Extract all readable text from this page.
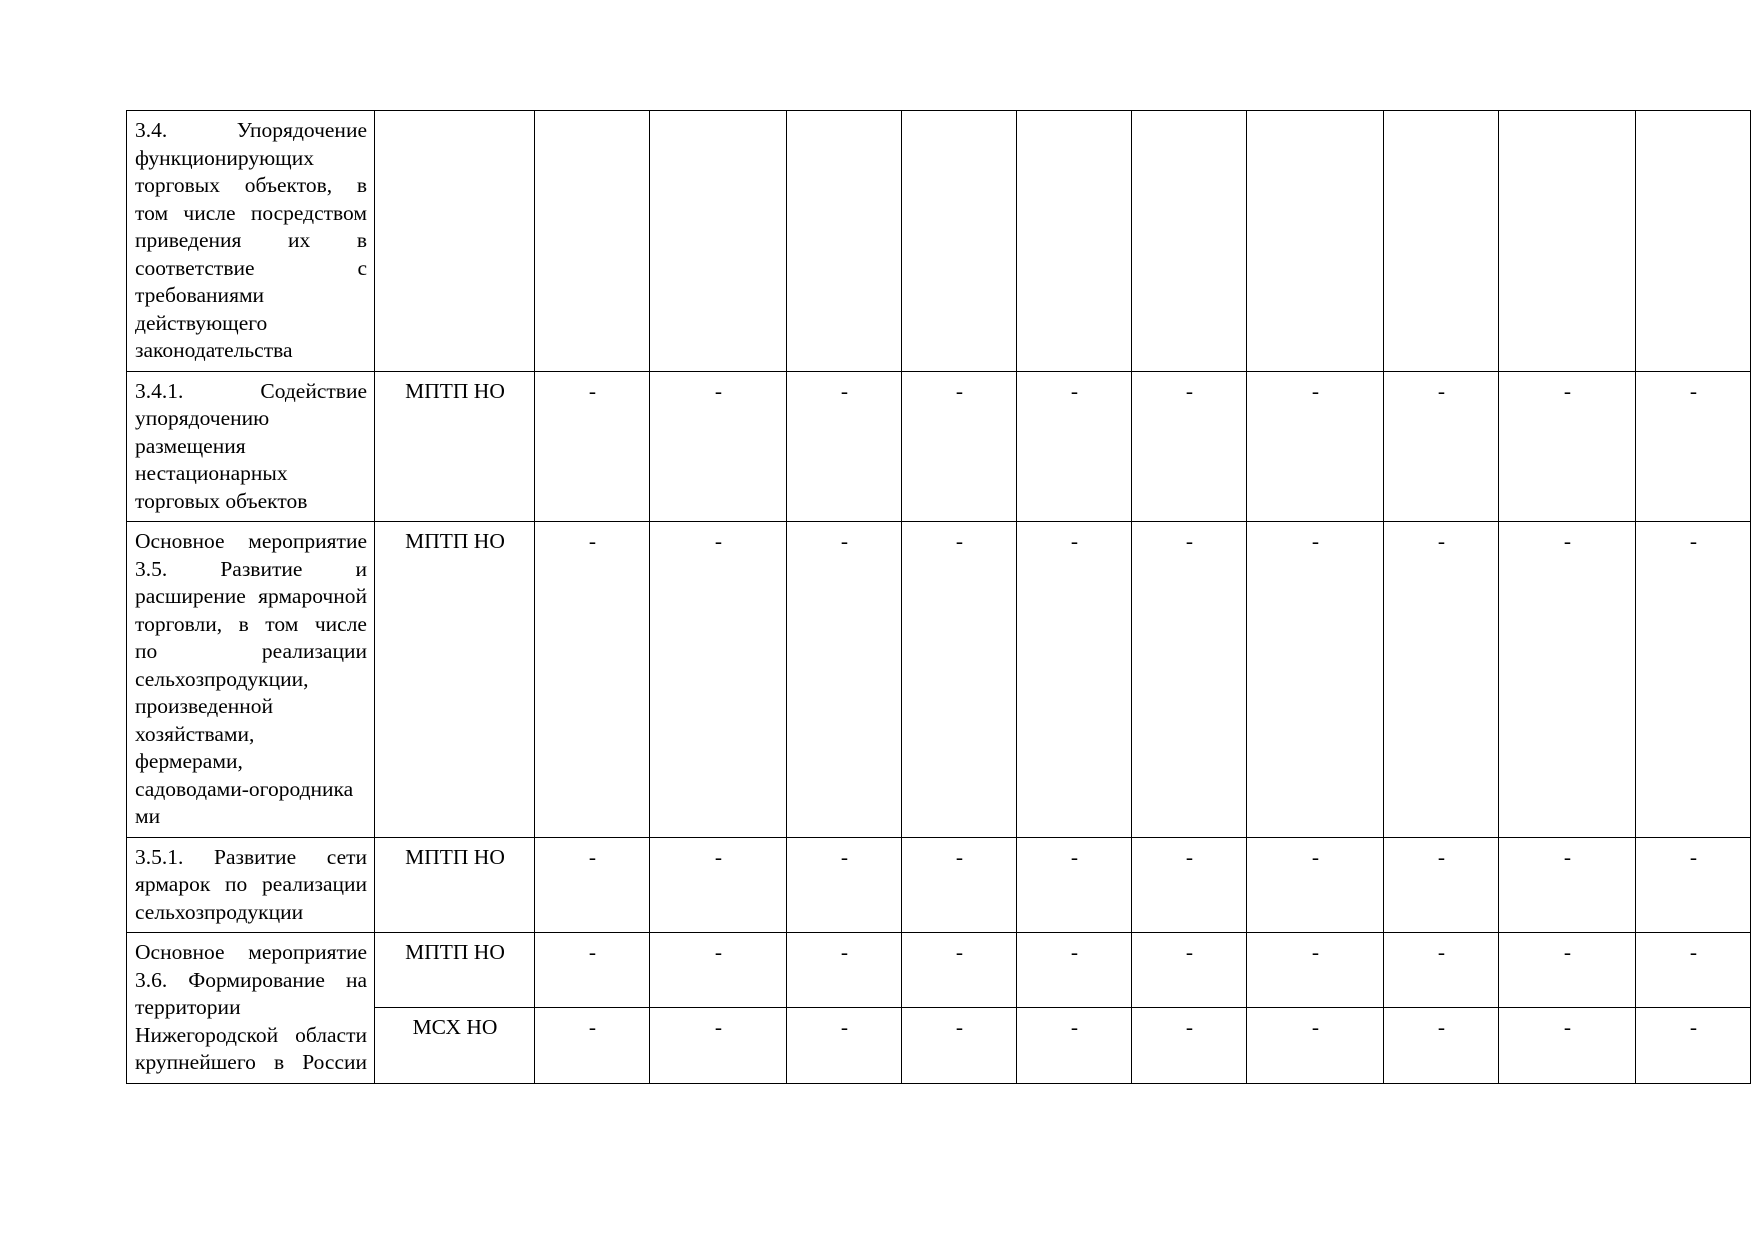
3.4.
	Упорядочение
функционирующих
торговых
объектов,
в
том
числе
посредством
приведения
их
в
соответствие
	с
требованиями
действующего
законодательства

3.4.1.
	Содействие
упорядочению
размещения
нестационарных
торговых объектов
	МПТП НО	-	-	-	-	-	-	-	-	-	-

Основное
мероприятие
3.5.
Развитие
и
расширение
ярмарочной
торговли,
в
том
числе
по
	реализации
сельхозпродукции,
произведенной
хозяйствами,
фермерами,
садоводами-огородника
ми
	МПТП НО	-	-	-	-	-	-	-	-	-	-

3.5.1.
Развитие
сети
ярмарок
по
реализации
сельхозпродукции
	МПТП НО	-	-	-	-	-	-	-	-	-	-

Основное
мероприятие
3.6.
Формирование
на
территории
Нижегородской
области
крупнейшего
в
России
	МПТП НО	-	-	-	-	-	-	-	-	-	-
	МСХ НО	-	-	-	-	-	-	-	-	-	-
